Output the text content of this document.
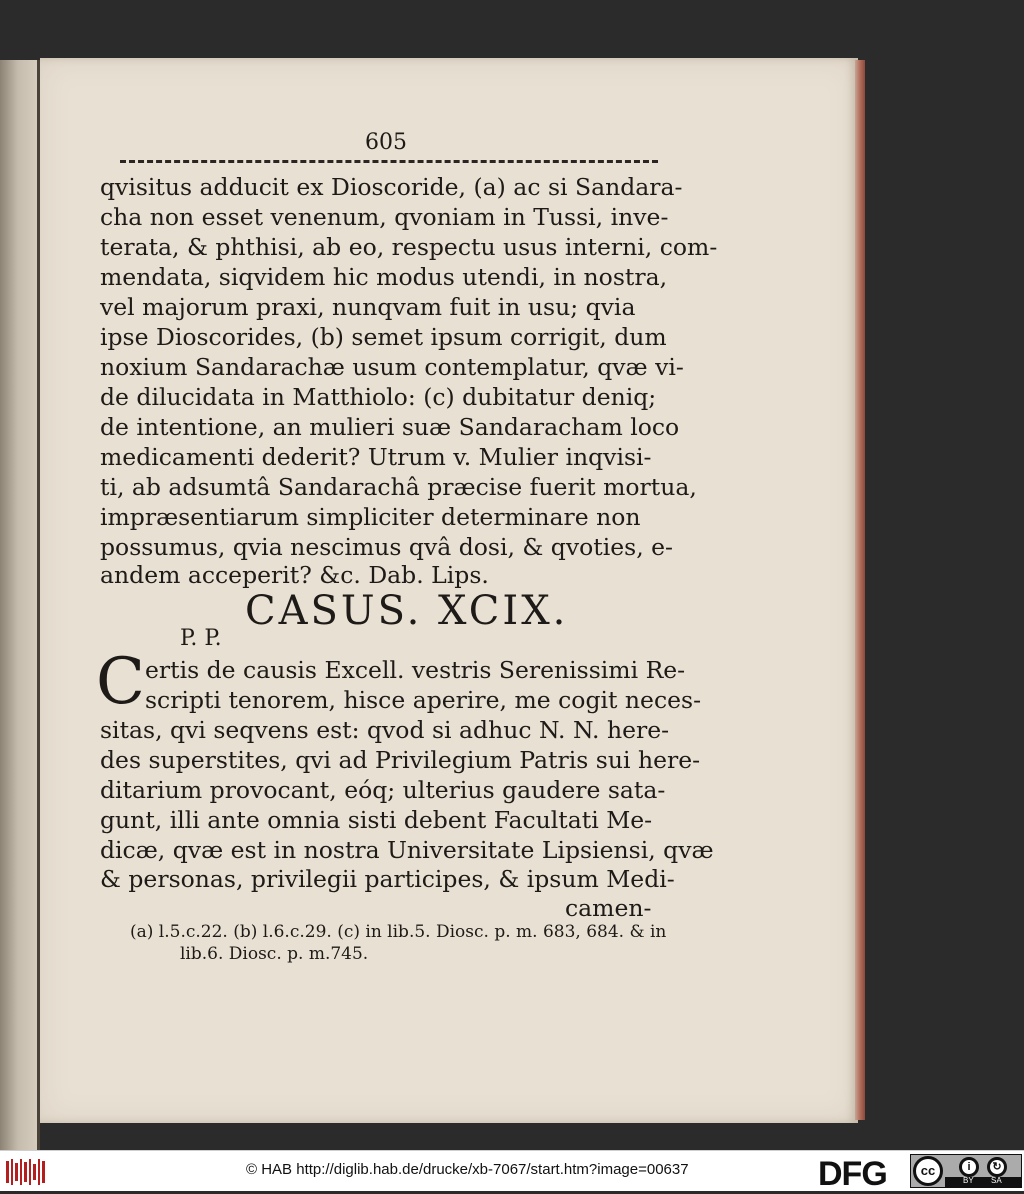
605
qvisitus adducit ex Dioscoride, (a) ac si Sandara-
cha non esset venenum, qvoniam in Tussi, inve-
terata, & phthisi, ab eo, respectu usus interni, com-
mendata, siqvidem hic modus utendi, in nostra,
vel majorum praxi, nunqvam fuit in usu; qvia
ipse Dioscorides, (b) semet ipsum corrigit, dum
noxium Sandarachæ usum contemplatur, qvæ vi-
de dilucidata in Matthiolo: (c) dubitatur deniq;
de intentione, an mulieri suæ Sandaracham loco
medicamenti dederit? Utrum v. Mulier inqvisi-
ti, ab adsumtâ Sandarachâ præcise fuerit mortua,
impræsentiarum simpliciter determinare non
possumus, qvia nescimus qvâ dosi, & qvoties, e-
andem acceperit? &c. Dab. Lips.
CASUS. XCIX.
P. P.
C ertis de causis Excell. vestris Serenissimi Re-
scripti tenorem, hisce aperire, me cogit neces-
sitas, qvi seqvens est: qvod si adhuc N. N. here-
des superstites, qvi ad Privilegium Patris sui here-
ditarium provocant, eóq; ulterius gaudere sata-
gunt, illi ante omnia sisti debent Facultati Me-
dicæ, qvæ est in nostra Universitate Lipsiensi, qvæ
& personas, privilegii participes, & ipsum Medi-
camen-
(a) l.5.c.22. (b) l.6.c.29. (c) in lib.5. Diosc. p. m. 683, 684. & in
lib.6. Diosc. p. m.745.
© HAB http://diglib.hab.de/drucke/xb-7067/start.htm?image=00637	DFG	cc	i	↻
BY SA
